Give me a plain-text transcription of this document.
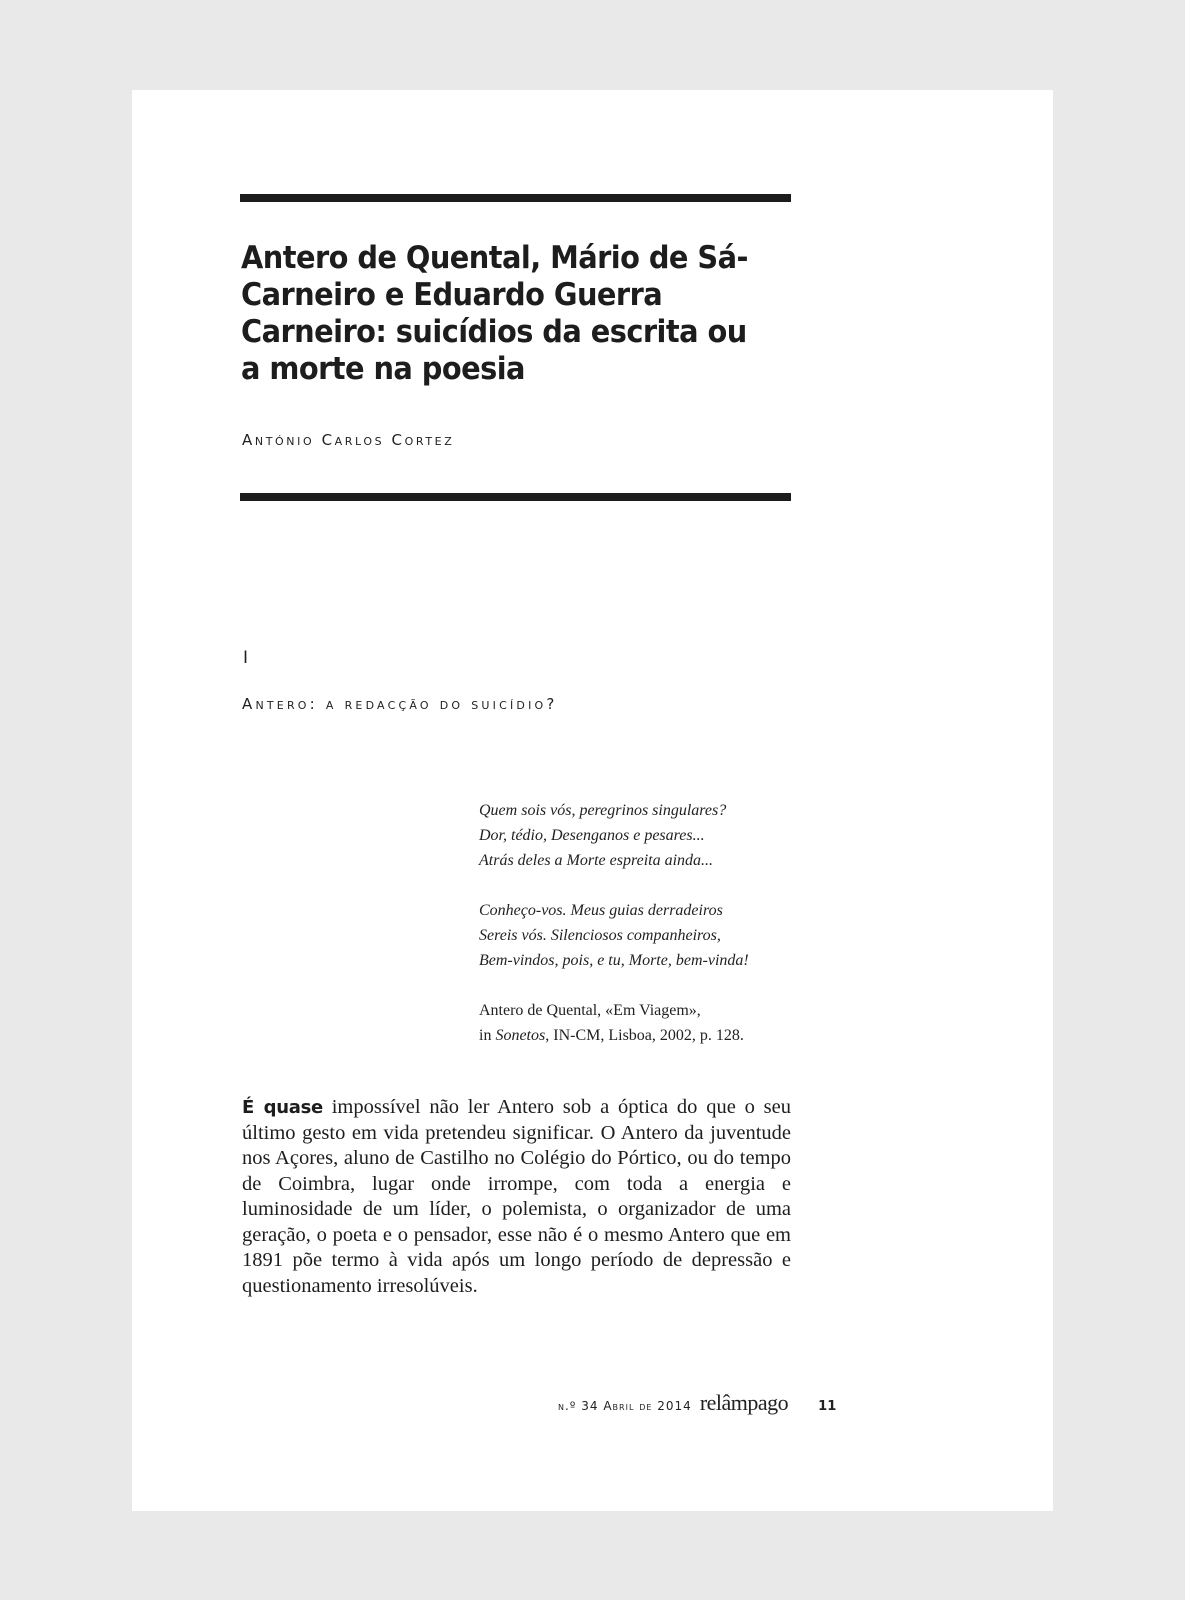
Antero de Quental, Mário de Sá-Carneiro e Eduardo Guerra Carneiro: suicídios da escrita ou a morte na poesia
António Carlos Cortez
I
Antero: a redacção do suicídio?

Quem sois vós, peregrinos singulares?
Dor, tédio, Desenganos e pesares...
Atrás deles a Morte espreita ainda...

Conheço-vos. Meus guias derradeiros
Sereis vós. Silenciosos companheiros,
Bem-vindos, pois, e tu, Morte, bem-vinda!

Antero de Quental, «Em Viagem»,
in Sonetos, IN-CM, Lisboa, 2002, p. 128.

É quase impossível não ler Antero sob a óptica do que o seu último gesto em vida pretendeu significar. O Antero da juventude nos Açores, aluno de Castilho no Colégio do Pórtico, ou do tempo de Coimbra, lugar onde irrompe, com toda a energia e luminosidade de um líder, o polemista, o organizador de uma geração, o poeta e o pensador, esse não é o mesmo Antero que em 1891 põe termo à vida após um longo período de depressão e questionamento irresolúveis.

n.º 34 Abril de 2014 relâmpago 11
